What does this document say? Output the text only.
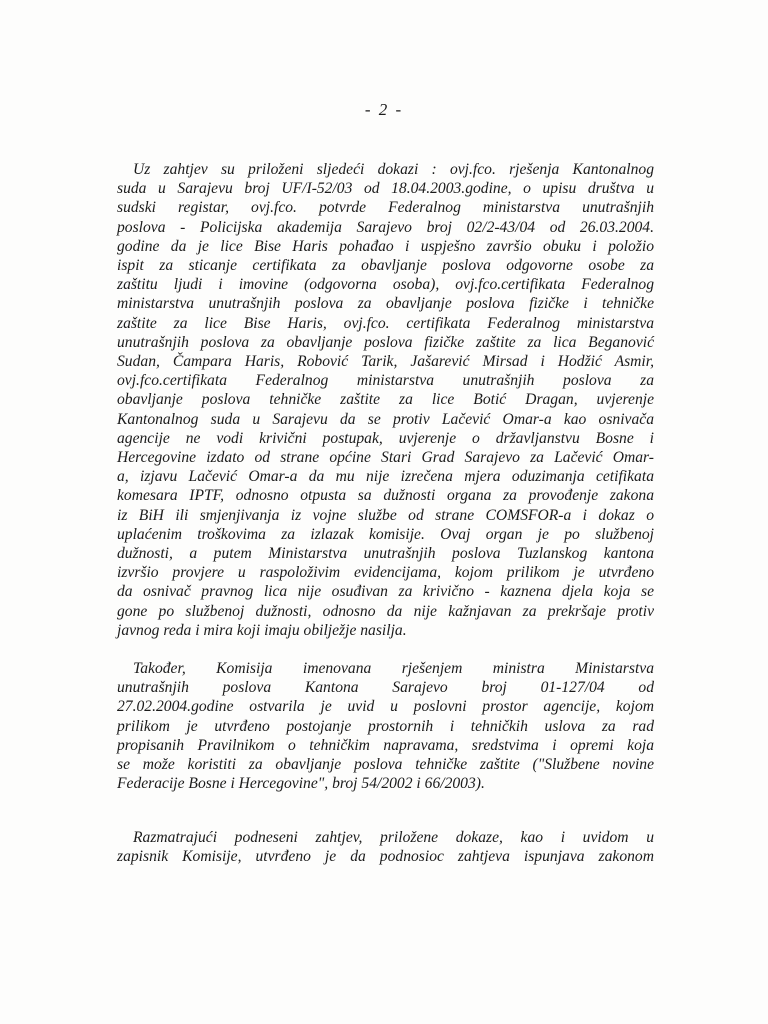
- 2 -
Uz zahtjev su priloženi sljedeći dokazi : ovj.fco. rješenja Kantonalnog
suda u Sarajevu broj UF/I-52/03 od 18.04.2003.godine, o upisu društva u
sudski registar, ovj.fco. potvrde Federalnog ministarstva unutrašnjih
poslova - Policijska akademija Sarajevo broj 02/2-43/04 od 26.03.2004.
godine da je lice Bise Haris pohađao i uspješno završio obuku i položio
ispit za sticanje certifikata za obavljanje poslova odgovorne osobe za
zaštitu ljudi i imovine (odgovorna osoba), ovj.fco.certifikata Federalnog
ministarstva unutrašnjih poslova za obavljanje poslova fizičke i tehničke
zaštite za lice Bise Haris, ovj.fco. certifikata Federalnog ministarstva
unutrašnjih poslova za obavljanje poslova fizičke zaštite za lica Beganović
Sudan, Čampara Haris, Robović Tarik, Jašarević Mirsad i Hodžić Asmir,
ovj.fco.certifikata Federalnog ministarstva unutrašnjih poslova za
obavljanje poslova tehničke zaštite za lice Botić Dragan, uvjerenje
Kantonalnog suda u Sarajevu da se protiv Lačević Omar-a kao osnivača
agencije ne vodi krivični postupak, uvjerenje o državljanstvu Bosne i
Hercegovine izdato od strane općine Stari Grad Sarajevo za Lačević Omar-
a, izjavu Lačević Omar-a da mu nije izrečena mjera oduzimanja cetifikata
komesara IPTF, odnosno otpusta sa dužnosti organa za provođenje zakona
iz BiH ili smjenjivanja iz vojne službe od strane COMSFOR-a i dokaz o
uplaćenim troškovima za izlazak komisije. Ovaj organ je po službenoj
dužnosti, a putem Ministarstva unutrašnjih poslova Tuzlanskog kantona
izvršio provjere u raspoloživim evidencijama, kojom prilikom je utvrđeno
da osnivač pravnog lica nije osuđivan za krivično - kaznena djela koja se
gone po službenoj dužnosti, odnosno da nije kažnjavan za prekršaje protiv
javnog reda i mira koji imaju obilježje nasilja.
Također, Komisija imenovana rješenjem ministra Ministarstva
unutrašnjih poslova Kantona Sarajevo broj 01-127/04 od
27.02.2004.godine ostvarila je uvid u poslovni prostor agencije, kojom
prilikom je utvrđeno postojanje prostornih i tehničkih uslova za rad
propisanih Pravilnikom o tehničkim napravama, sredstvima i opremi koja
se može koristiti za obavljanje poslova tehničke zaštite ("Službene novine
Federacije Bosne i Hercegovine", broj 54/2002 i 66/2003).
Razmatrajući podneseni zahtjev, priložene dokaze, kao i uvidom u
zapisnik Komisije, utvrđeno je da podnosioc zahtjeva ispunjava zakonom
